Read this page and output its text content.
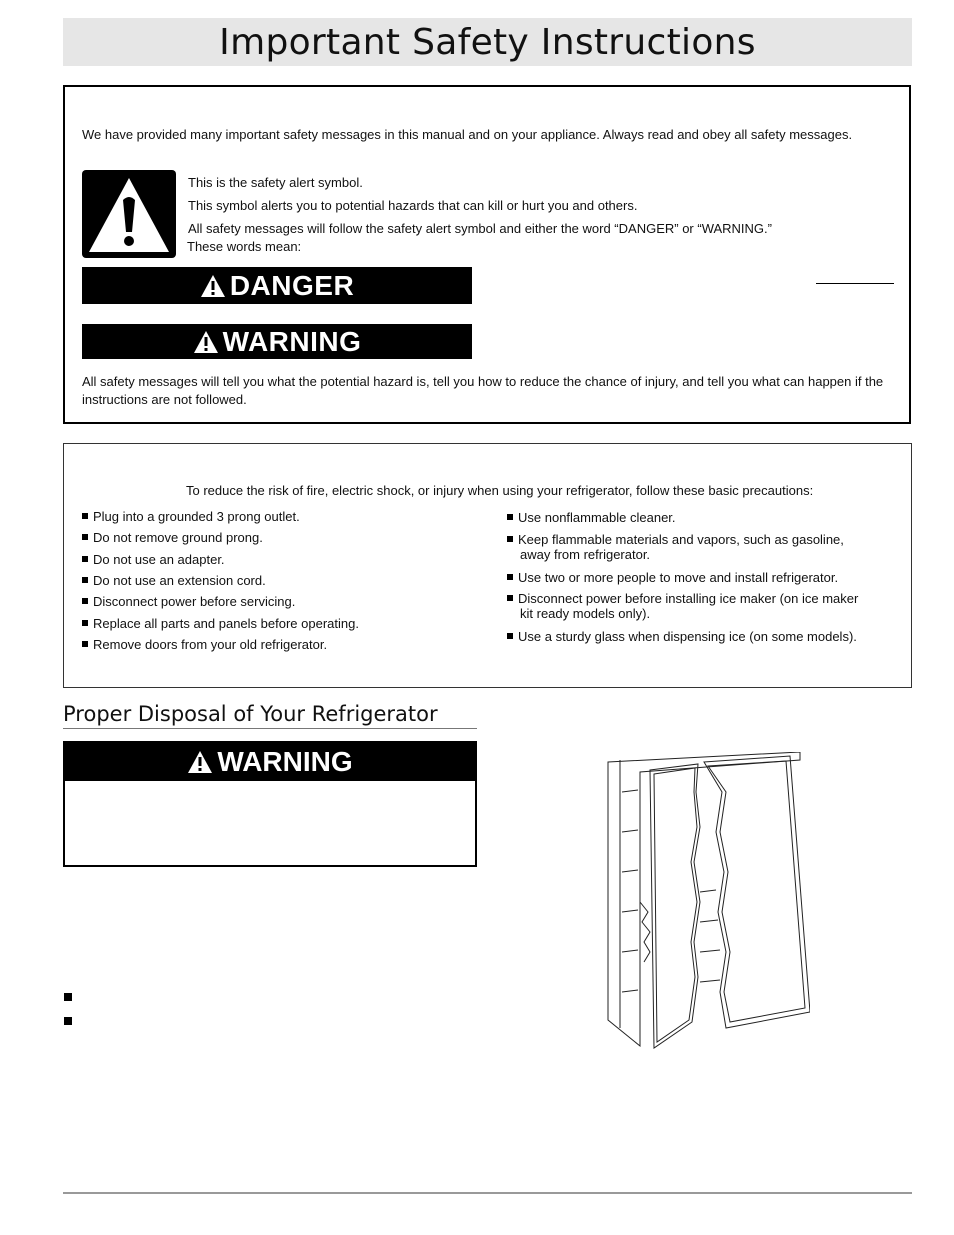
Important Safety Instructions
We have provided many important safety messages in this manual and on your appliance. Always read and obey all safety messages.
This is the safety alert symbol.
This symbol alerts you to potential hazards that can kill or hurt you and others.
All safety messages will follow the safety alert symbol and either the word “DANGER” or “WARNING.”
These words mean:
DANGER
WARNING
All safety messages will tell you what the potential hazard is, tell you how to reduce the chance of injury, and tell you what can happen if the instructions are not followed.
To reduce the risk of fire, electric shock, or injury when using your refrigerator, follow these basic precautions:
Plug into a grounded 3 prong outlet.
Do not remove ground prong.
Do not use an adapter.
Do not use an extension cord.
Disconnect power before servicing.
Replace all parts and panels before operating.
Remove doors from your old refrigerator.
Use nonflammable cleaner.
Keep flammable materials and vapors, such as gasoline,
away from refrigerator.
Use two or more people to move and install refrigerator.
Disconnect power before installing ice maker (on ice maker
kit ready models only).
Use a sturdy glass when dispensing ice (on some models).
Proper Disposal of Your Refrigerator
WARNING
